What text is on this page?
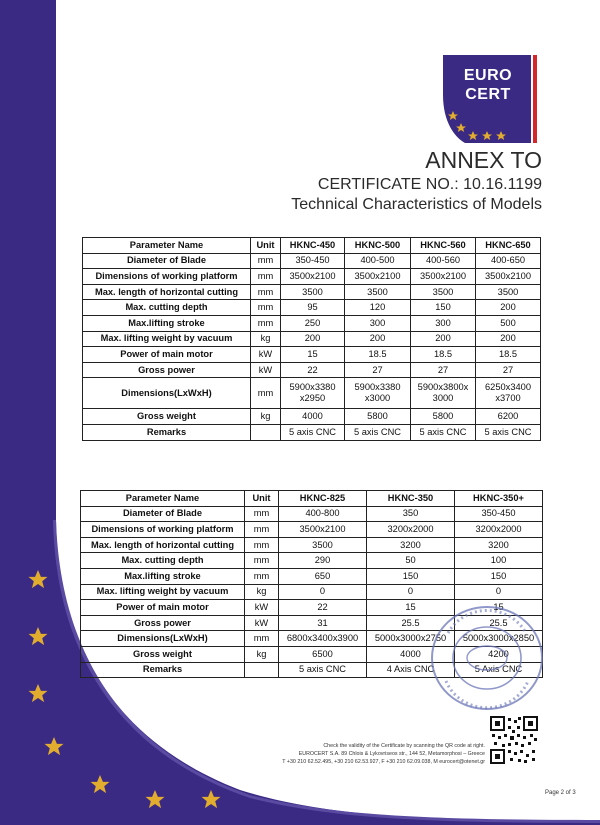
EURO
CERT
ANNEX TO
CERTIFICATE NO.: 10.16.1199
Technical Characteristics of Models
Parameter Name	Unit	HKNC-450	HKNC-500	HKNC-560	HKNC-650
Diameter of Blade	mm	350-450	400-500	400-560	400-650
Dimensions of working platform	mm	3500x2100	3500x2100	3500x2100	3500x2100
Max. length of horizontal cutting	mm	3500	3500	3500	3500
Max. cutting depth	mm	95	120	150	200
Max.lifting stroke	mm	250	300	300	500
Max. lifting weight by vacuum	kg	200	200	200	200
Power of main motor	kW	15	18.5	18.5	18.5
Gross power	kW	22	27	27	27
Dimensions(LxWxH)	mm	5900x3380 x2950	5900x3380 x3000	5900x3800x 3000	6250x3400 x3700
Gross weight	kg	4000	5800	5800	6200
Remarks		5 axis CNC	5 axis CNC	5 axis CNC	5 axis CNC
Parameter Name	Unit	HKNC-825	HKNC-350	HKNC-350+
Diameter of Blade	mm	400-800	350	350-450
Dimensions of working platform	mm	3500x2100	3200x2000	3200x2000
Max. length of horizontal cutting	mm	3500	3200	3200
Max. cutting depth	mm	290	50	100
Max.lifting stroke	mm	650	150	150
Max. lifting weight by vacuum	kg	0	0	0
Power of main motor	kW	22	15	15
Gross power	kW	31	25.5	25.5
Dimensions(LxWxH)	mm	6800x3400x3900	5000x3000x2750	5000x3000x2850
Gross weight	kg	6500	4000	4200
Remarks		5 axis CNC	4 Axis CNC	5 Axis CNC
Check the validity of the Certificate by scanning the QR code at right.
EUROCERT S.A. 89 Chlois & Lykovriseos str., 144 52, Metamorphosi – Greece
T +30 210 62.52.495, +30 210 62.53.927, F +30 210 62.09.038, M eurocert@otenet.gr
Page 2 of 3
